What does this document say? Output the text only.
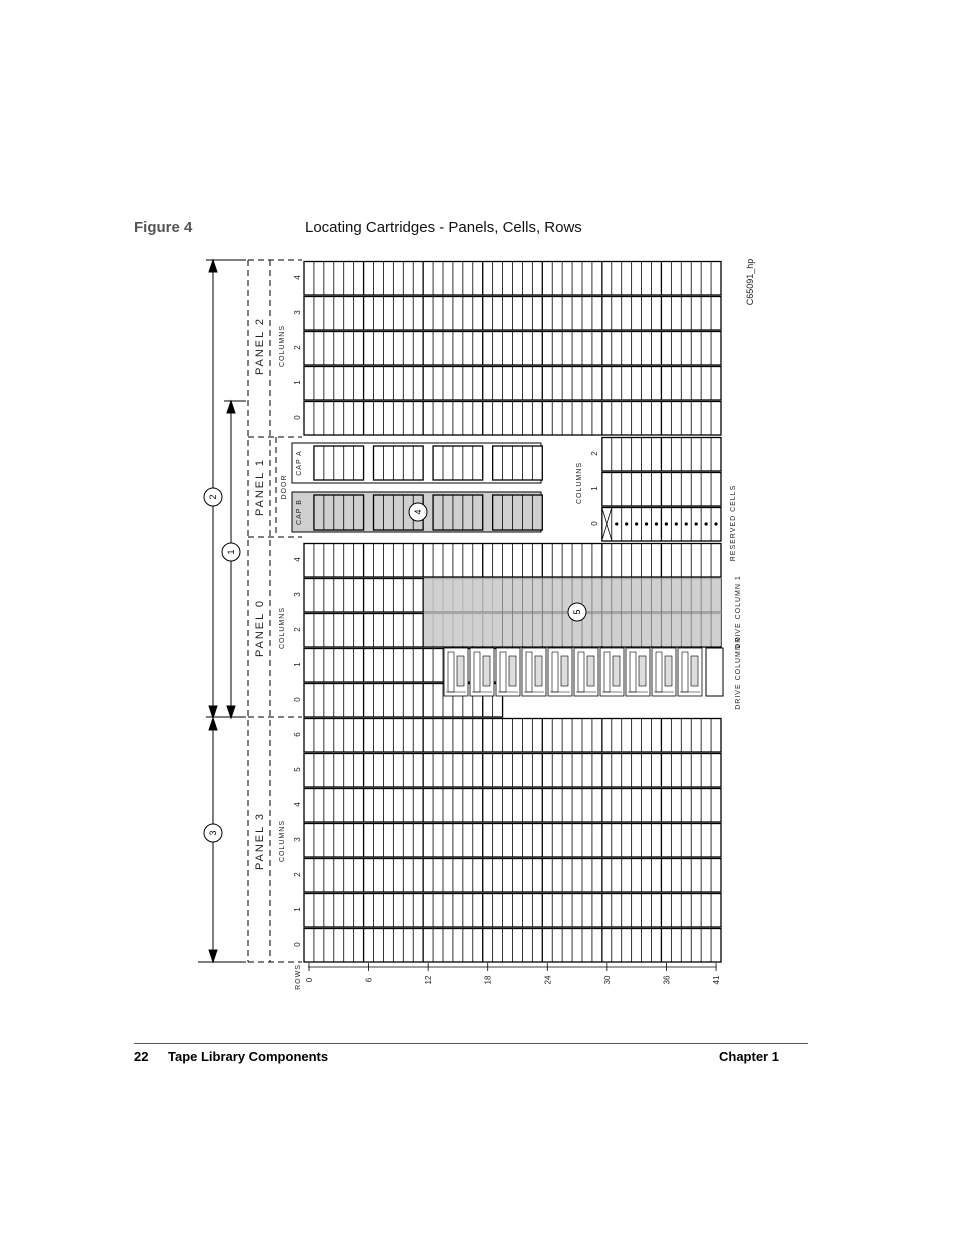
Figure 4	Locating Cartridges - Panels, Cells, Rows
1
2
3
4
5
PANEL 2 COLUMNS
PANEL 1 DOOR
CAP A
CAP B
PANEL 0 COLUMNS
PANEL 3 COLUMNS
COLUMNS
0
1
2
3
4
0
1
2
3
4
0
1
2
3
4
5
6
0
1
2
RESERVED CELLS
DRIVE COLUMN 1
DRIVE COLUMN 0
C65091_hp
ROWS 0	6	12	18	24	30	36	41
22 Tape Library Components	Chapter 1
